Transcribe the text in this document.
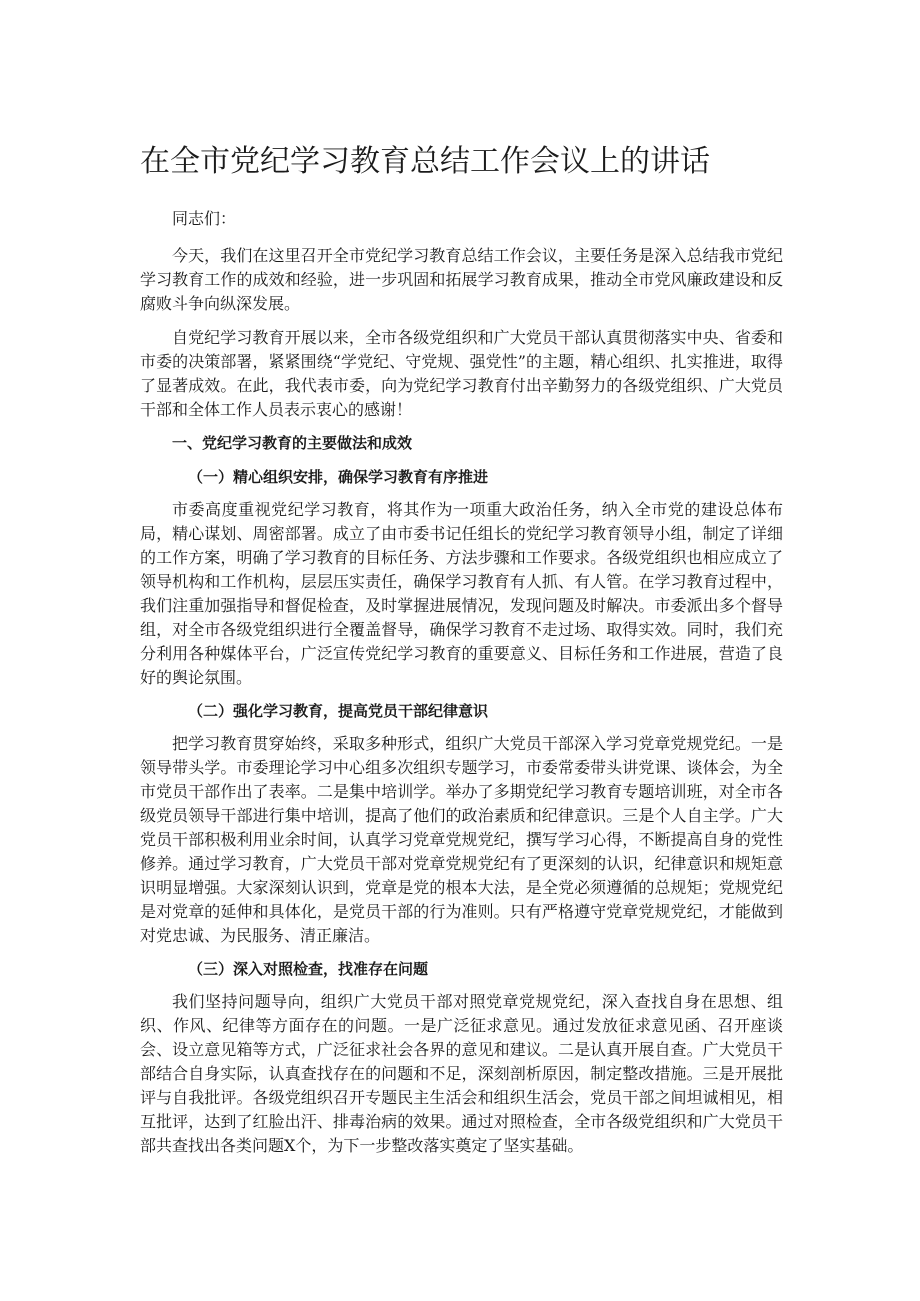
在全市党纪学习教育总结工作会议上的讲话

同志们：

今天，我们在这里召开全市党纪学习教育总结工作会议，主要任务是深入总结我市党纪学习教育工作的成效和经验，进一步巩固和拓展学习教育成果，推动全市党风廉政建设和反腐败斗争向纵深发展。

自党纪学习教育开展以来，全市各级党组织和广大党员干部认真贯彻落实中央、省委和市委的决策部署，紧紧围绕“学党纪、守党规、强党性”的主题，精心组织、扎实推进，取得了显著成效。在此，我代表市委，向为党纪学习教育付出辛勤努力的各级党组织、广大党员干部和全体工作人员表示衷心的感谢！

一、党纪学习教育的主要做法和成效

（一）精心组织安排，确保学习教育有序推进

市委高度重视党纪学习教育，将其作为一项重大政治任务，纳入全市党的建设总体布局，精心谋划、周密部署。成立了由市委书记任组长的党纪学习教育领导小组，制定了详细的工作方案，明确了学习教育的目标任务、方法步骤和工作要求。各级党组织也相应成立了领导机构和工作机构，层层压实责任，确保学习教育有人抓、有人管。在学习教育过程中，我们注重加强指导和督促检查，及时掌握进展情况，发现问题及时解决。市委派出多个督导组，对全市各级党组织进行全覆盖督导，确保学习教育不走过场、取得实效。同时，我们充分利用各种媒体平台，广泛宣传党纪学习教育的重要意义、目标任务和工作进展，营造了良好的舆论氛围。

（二）强化学习教育，提高党员干部纪律意识

把学习教育贯穿始终，采取多种形式，组织广大党员干部深入学习党章党规党纪。一是领导带头学。市委理论学习中心组多次组织专题学习，市委常委带头讲党课、谈体会，为全市党员干部作出了表率。二是集中培训学。举办了多期党纪学习教育专题培训班，对全市各级党员领导干部进行集中培训，提高了他们的政治素质和纪律意识。三是个人自主学。广大党员干部积极利用业余时间，认真学习党章党规党纪，撰写学习心得，不断提高自身的党性修养。通过学习教育，广大党员干部对党章党规党纪有了更深刻的认识，纪律意识和规矩意识明显增强。大家深刻认识到，党章是党的根本大法，是全党必须遵循的总规矩；党规党纪是对党章的延伸和具体化，是党员干部的行为准则。只有严格遵守党章党规党纪，才能做到对党忠诚、为民服务、清正廉洁。

（三）深入对照检查，找准存在问题

我们坚持问题导向，组织广大党员干部对照党章党规党纪，深入查找自身在思想、组织、作风、纪律等方面存在的问题。一是广泛征求意见。通过发放征求意见函、召开座谈会、设立意见箱等方式，广泛征求社会各界的意见和建议。二是认真开展自查。广大党员干部结合自身实际，认真查找存在的问题和不足，深刻剖析原因，制定整改措施。三是开展批评与自我批评。各级党组织召开专题民主生活会和组织生活会，党员干部之间坦诚相见，相互批评，达到了红脸出汗、排毒治病的效果。通过对照检查，全市各级党组织和广大党员干部共查找出各类问题X个，为下一步整改落实奠定了坚实基础。
